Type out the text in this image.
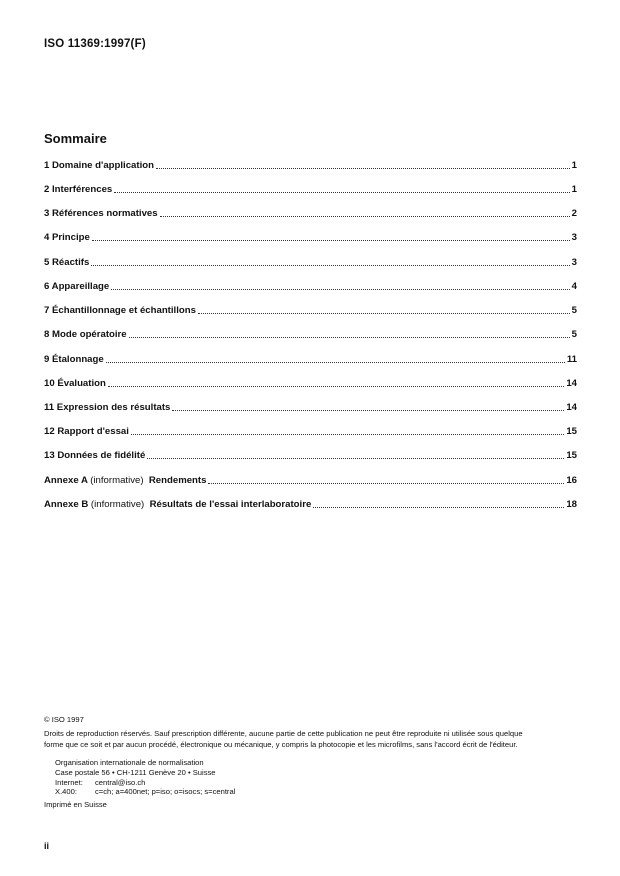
ISO 11369:1997(F)
Sommaire
1 Domaine d'application	1
2 Interférences	1
3 Références normatives	2
4 Principe	3
5 Réactifs	3
6 Appareillage	4
7 Échantillonnage et échantillons	5
8 Mode opératoire	5
9 Étalonnage	11
10 Évaluation	14
11 Expression des résultats	14
12 Rapport d'essai	15
13 Données de fidélité	15
Annexe A (informative) Rendements	16
Annexe B (informative) Résultats de l'essai interlaboratoire	18
© ISO 1997
Droits de reproduction réservés. Sauf prescription différente, aucune partie de cette publication ne peut être reproduite ni utilisée sous quelque
forme que ce soit et par aucun procédé, électronique ou mécanique, y compris la photocopie et les microfilms, sans l'accord écrit de l'éditeur.
Organisation internationale de normalisation
Case postale 56 • CH-1211 Genève 20 • Suisse
Internet: central@iso.ch
X.400: c=ch; a=400net; p=iso; o=isocs; s=central
Imprimé en Suisse
ii
